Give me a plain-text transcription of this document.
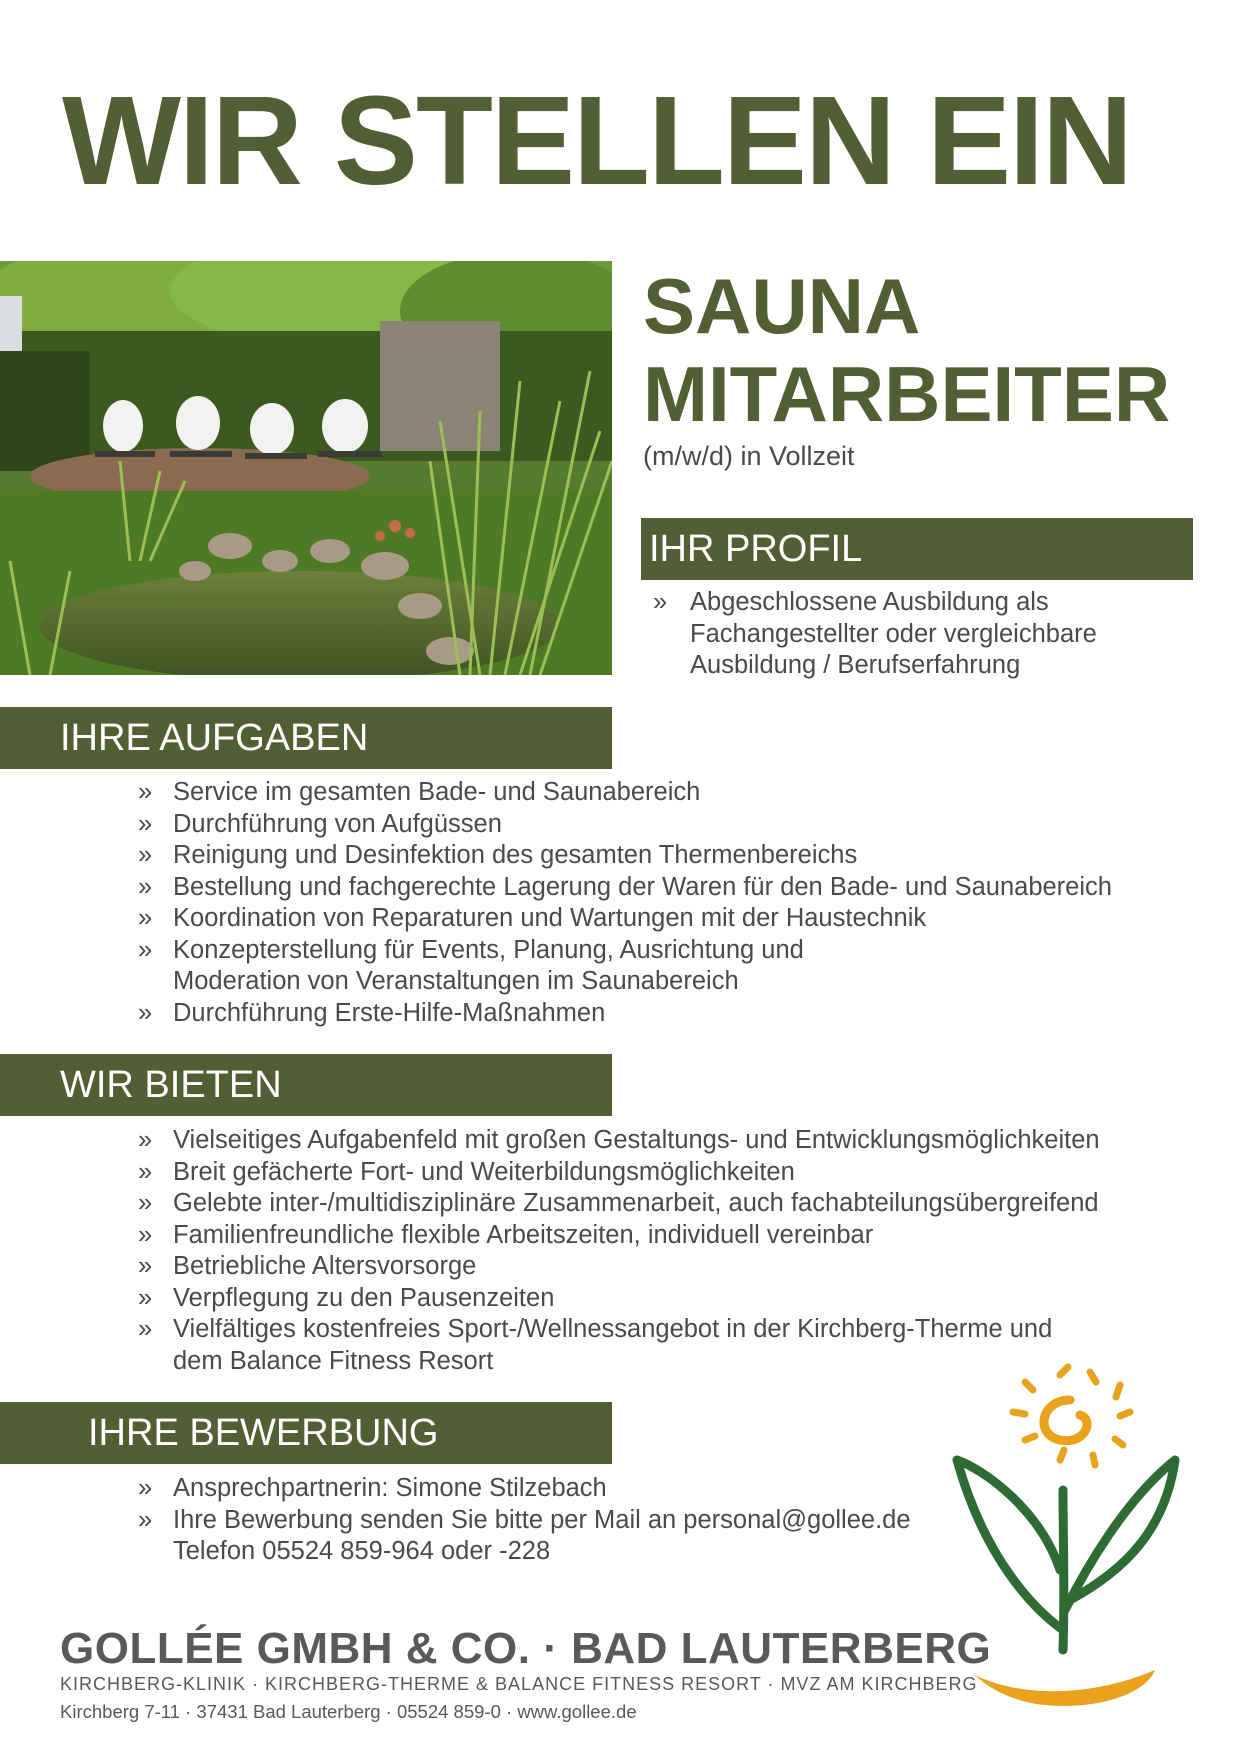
WIR STELLEN EIN
SAUNA
MITARBEITER
(m/w/d) in Vollzeit
IHR PROFIL
» Abgeschlossene Ausbildung als Fachangestellter oder vergleichbare Ausbildung / Berufserfahrung
IHRE AUFGABEN
» Service im gesamten Bade- und Saunabereich
» Durchführung von Aufgüssen
» Reinigung und Desinfektion des gesamten Thermenbereichs
» Bestellung und fachgerechte Lagerung der Waren für den Bade- und Saunabereich
» Koordination von Reparaturen und Wartungen mit der Haustechnik
» Konzepterstellung für Events, Planung, Ausrichtung und Moderation von Veranstaltungen im Saunabereich
» Durchführung Erste-Hilfe-Maßnahmen
WIR BIETEN
» Vielseitiges Aufgabenfeld mit großen Gestaltungs- und Entwicklungsmöglichkeiten
» Breit gefächerte Fort- und Weiterbildungsmöglichkeiten
» Gelebte inter-/multidisziplinäre Zusammenarbeit, auch fachabteilungsübergreifend
» Familienfreundliche flexible Arbeitszeiten, individuell vereinbar
» Betriebliche Altersvorsorge
» Verpflegung zu den Pausenzeiten
» Vielfältiges kostenfreies Sport-/Wellnessangebot in der Kirchberg-Therme und dem Balance Fitness Resort
IHRE BEWERBUNG
» Ansprechpartnerin: Simone Stilzebach
» Ihre Bewerbung senden Sie bitte per Mail an personal@gollee.de
Telefon 05524 859-964 oder -228
GOLLÉE GMBH & CO. · BAD LAUTERBERG
KIRCHBERG-KLINIK · KIRCHBERG-THERME & BALANCE FITNESS RESORT · MVZ AM KIRCHBERG
Kirchberg 7-11 · 37431 Bad Lauterberg · 05524 859-0 · www.gollee.de
